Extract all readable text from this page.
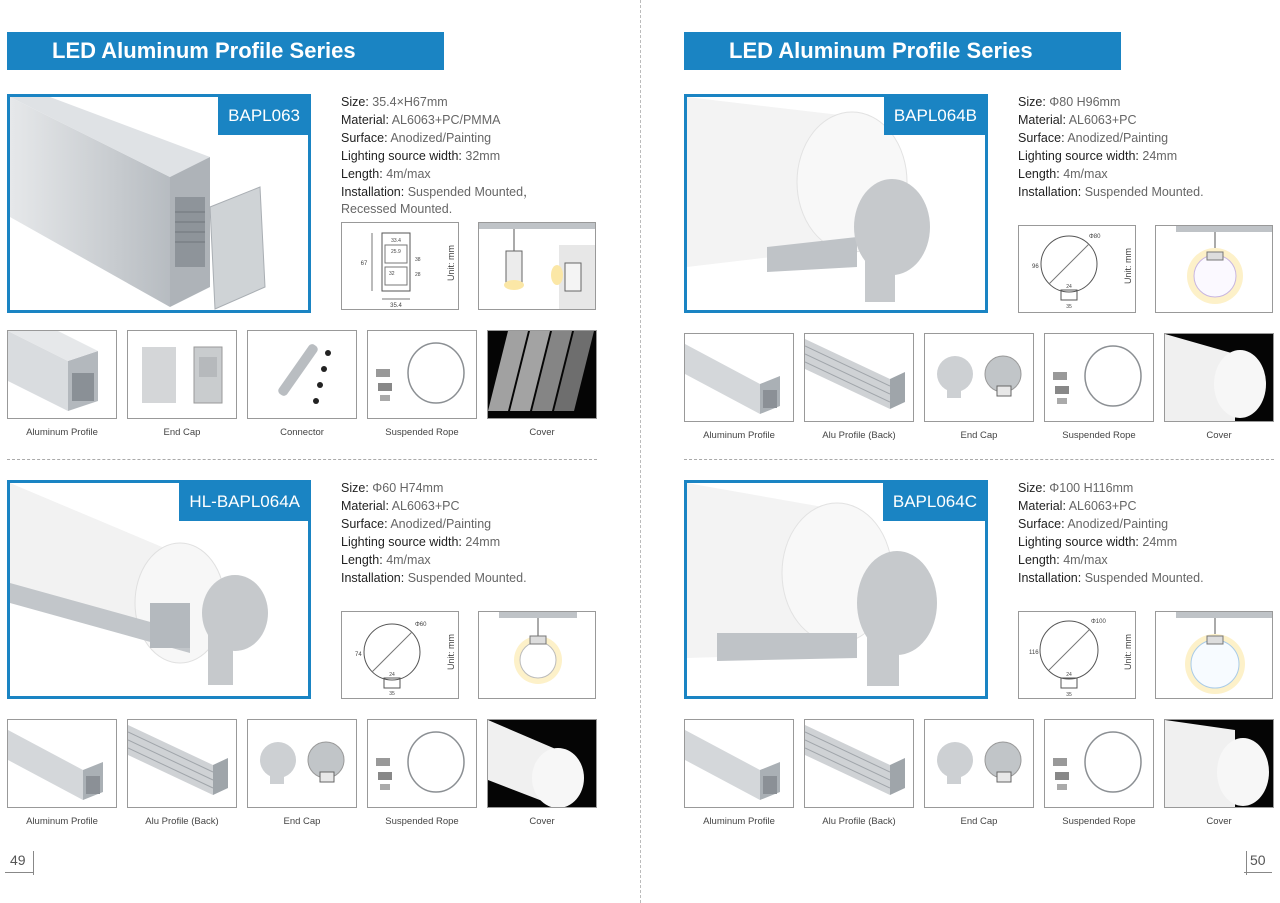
LED Aluminum Profile Series
BAPL063
Size: 35.4×H67mm
Material: AL6063+PC/PMMA
Surface: Anodized/Painting
Lighting source width: 32mm
Length: 4m/max
Installation: Suspended Mounted，
Recessed Mounted.
35.4
67
28
32
38
33.4
25.9	Unit: mm
Aluminum Profile	End Cap	Connector	Suspended Rope	Cover
HL-BAPL064A
Size: Φ60 H74mm
Material: AL6063+PC
Surface: Anodized/Painting
Lighting source width: 24mm
Length: 4m/max
Installation: Suspended Mounted.
Φ60
74
24
35
Unit: mm
Aluminum Profile	Alu Profile (Back)	End Cap	Suspended Rope	Cover
49
LED Aluminum Profile Series
BAPL064B
Size: Φ80 H96mm
Material: AL6063+PC
Surface: Anodized/Painting
Lighting source width: 24mm
Length: 4m/max
Installation: Suspended Mounted.
Φ80
96
24
35
Unit: mm
Aluminum Profile	Alu Profile (Back)	End Cap	Suspended Rope	Cover
BAPL064C
Size: Φ100 H116mm
Material: AL6063+PC
Surface: Anodized/Painting
Lighting source width: 24mm
Length: 4m/max
Installation: Suspended Mounted.
Φ100
116
24
35
Unit: mm
Aluminum Profile	Alu Profile (Back)	End Cap	Suspended Rope	Cover
50
